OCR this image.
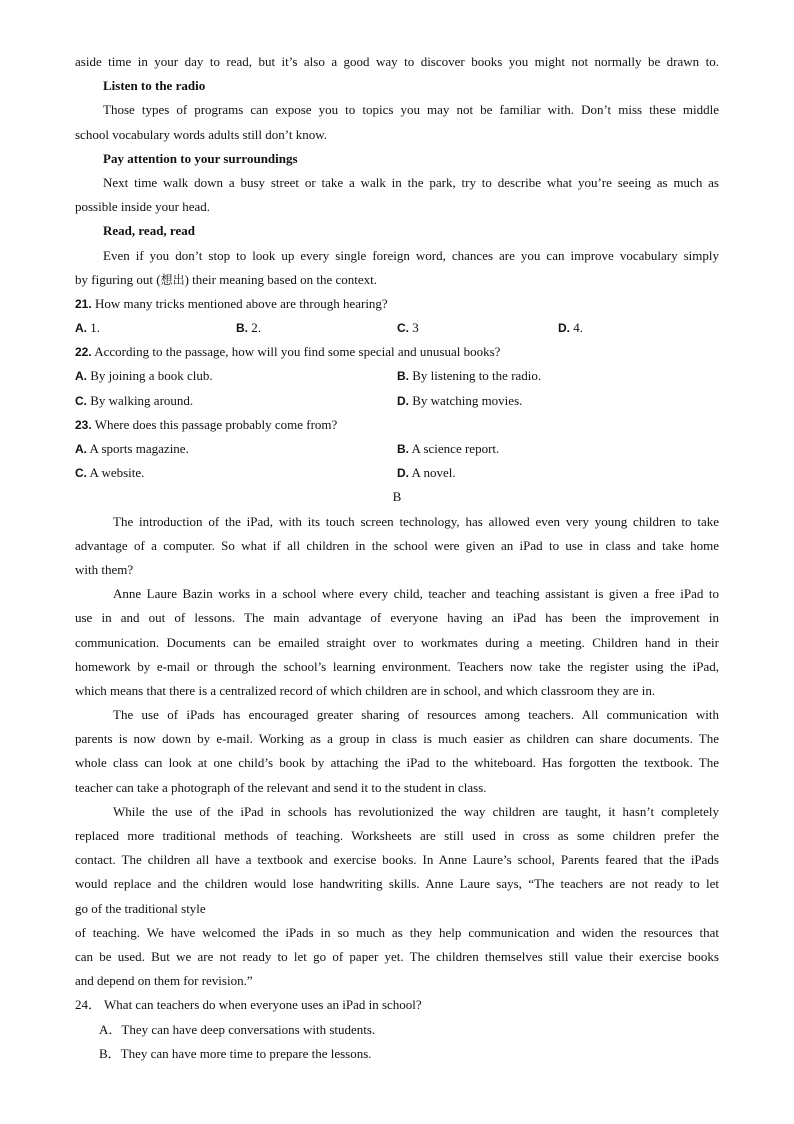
aside time in your day to read, but it’s also a good way to discover books you might not normally be drawn to.
Listen to the radio
Those types of programs can expose you to topics you may not be familiar with. Don’t miss these middle
school vocabulary words adults still don’t know.
Pay attention to your surroundings
Next time walk down a busy street or take a walk in the park, try to describe what you’re seeing as much as
possible inside your head.
Read, read, read
Even if you don’t stop to look up every single foreign word, chances are you can improve vocabulary simply
by figuring out (想出) their meaning based on the context.
21. How many tricks mentioned above are through hearing?
A. 1.	B. 2.	C. 3	D. 4.
22. According to the passage, how will you find some special and unusual books?
A. By joining a book club.	B. By listening to the radio.
C. By walking around.	D. By watching movies.
23. Where does this passage probably come from?
A. A sports magazine.	B. A science report.
C. A website.	D. A novel.
B
The introduction of the iPad, with its touch screen technology, has allowed even very young children to take
advantage of a computer. So what if all children in the school were given an iPad to use in class and take home
with them?
Anne Laure Bazin works in a school where every child, teacher and teaching assistant is given a free iPad to
use in and out of lessons. The main advantage of everyone having an iPad has been the improvement in
communication. Documents can be emailed straight over to workmates during a meeting. Children hand in their
homework by e-mail or through the school’s learning environment. Teachers now take the register using the iPad,
which means that there is a centralized record of which children are in school, and which classroom they are in.
The use of iPads has encouraged greater sharing of resources among teachers. All communication with
parents is now down by e-mail. Working as a group in class is much easier as children can share documents. The
whole class can look at one child’s book by attaching the iPad to the whiteboard. Has forgotten the textbook. The
teacher can take a photograph of the relevant and send it to the student in class.
While the use of the iPad in schools has revolutionized the way children are taught, it hasn’t completely
replaced more traditional methods of teaching. Worksheets are still used in cross as some children prefer the
contact. The children all have a textbook and exercise books. In Anne Laure’s school, Parents feared that the iPads
would replace and the children would lose handwriting skills. Anne Laure says, “The teachers are not ready to let
go of the traditional style
of teaching. We have welcomed the iPads in so much as they help communication and widen the resources that
can be used. But we are not ready to let go of paper yet. The children themselves still value their exercise books
and depend on them for revision.”
24． What can teachers do when everyone uses an iPad in school?
A．They can have deep conversations with students.
B．They can have more time to prepare the lessons.
